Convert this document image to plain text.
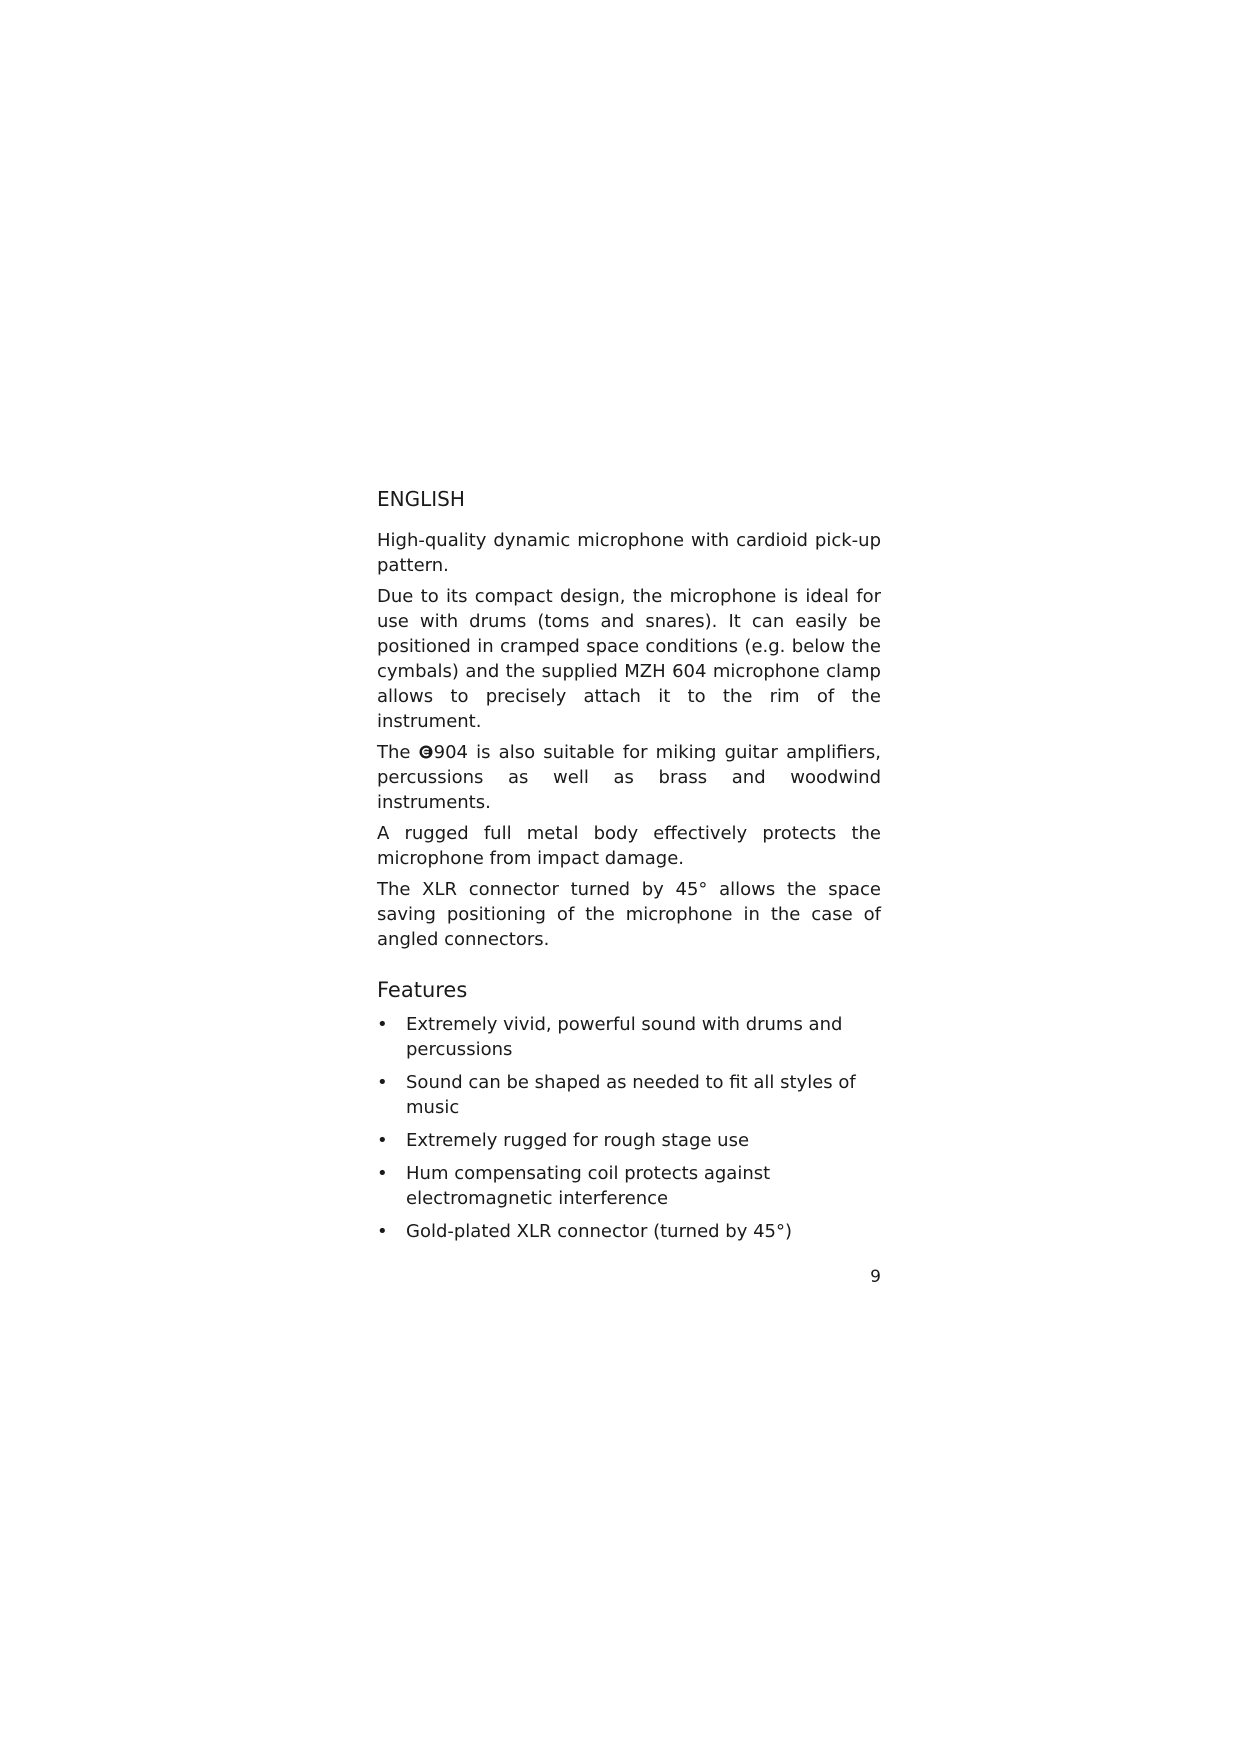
ENGLISH

High-quality dynamic microphone with cardioid pick-up pattern.

Due to its compact design, the microphone is ideal for use with drums (toms and snares). It can easily be positioned in cramped space conditions (e.g. below the cymbals) and the supplied MZH 604 microphone clamp allows to precisely attach it to the rim of the instrument.

The
904 is also suitable for miking guitar amplifiers, percussions as well as brass and woodwind instruments.

A rugged full metal body effectively protects the microphone from impact damage.

The XLR connector turned by 45° allows the space saving positioning of the microphone in the case of angled connectors.

Features
• Extremely vivid, powerful sound with drums and percussions
• Sound can be shaped as needed to fit all styles of music
• Extremely rugged for rough stage use
• Hum compensating coil protects against electromagnetic interference
• Gold-plated XLR connector (turned by 45°)
9
